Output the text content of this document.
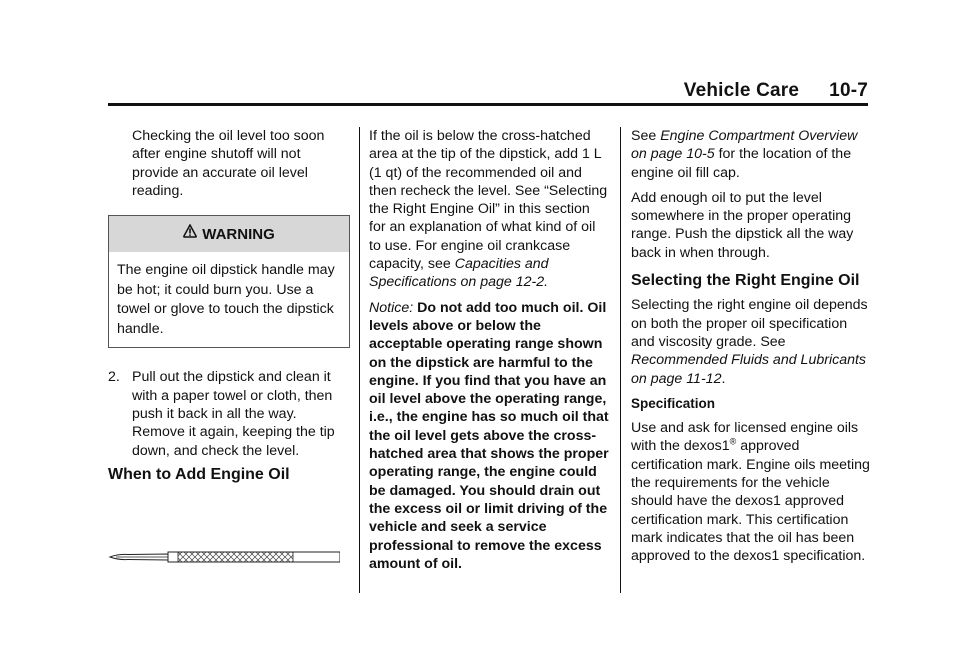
Vehicle Care 10-7

Checking the oil level too soon after engine shutoff will not provide an accurate oil level reading.

WARNING
The engine oil dipstick handle may be hot; it could burn you. Use a towel or glove to touch the dipstick handle.
2. Pull out the dipstick and clean it with a paper towel or cloth, then push it back in all the way. Remove it again, keeping the tip down, and check the level.
When to Add Engine Oil

If the oil is below the cross-hatched area at the tip of the dipstick, add 1 L (1 qt) of the recommended oil and then recheck the level. See “Selecting the Right Engine Oil” in this section for an explanation of what kind of oil to use. For engine oil crankcase capacity, see Capacities and Specifications on page 12-2.

Notice: Do not add too much oil. Oil levels above or below the acceptable operating range shown on the dipstick are harmful to the engine. If you find that you have an oil level above the operating range, i.e., the engine has so much oil that the oil level gets above the cross-hatched area that shows the proper operating range, the engine could be damaged. You should drain out the excess oil or limit driving of the vehicle and seek a service professional to remove the excess amount of oil.

See Engine Compartment Overview on page 10-5 for the location of the engine oil fill cap.

Add enough oil to put the level somewhere in the proper operating range. Push the dipstick all the way back in when through.

Selecting the Right Engine Oil

Selecting the right engine oil depends on both the proper oil specification and viscosity grade. See Recommended Fluids and Lubricants on page 11-12.

Specification

Use and ask for licensed engine oils with the dexos1® approved certification mark. Engine oils meeting the requirements for the vehicle should have the dexos1 approved certification mark. This certification mark indicates that the oil has been approved to the dexos1 specification.
